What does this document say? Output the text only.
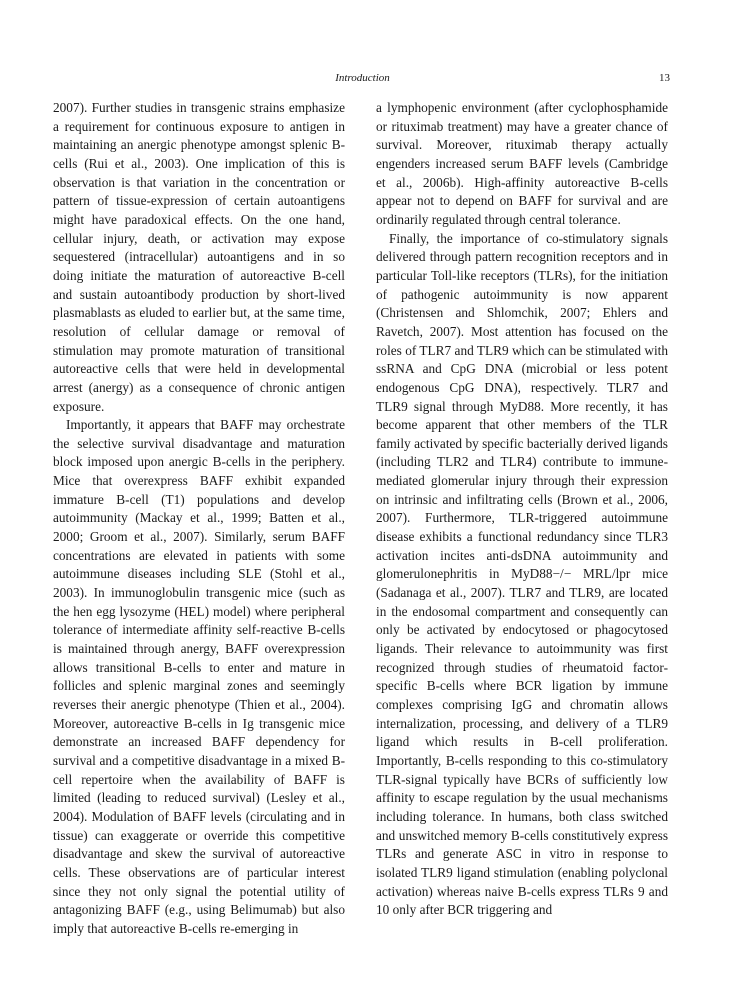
Introduction	13

2007). Further studies in transgenic strains emphasize a requirement for continuous exposure to antigen in maintaining an anergic phenotype amongst splenic B-cells (Rui et al., 2003). One implication of this is observation is that variation in the concentration or pattern of tissue-expression of certain autoantigens might have paradoxical effects. On the one hand, cellular injury, death, or activation may expose sequestered (intracellular) autoantigens and in so doing initiate the maturation of autoreactive B-cell and sustain autoantibody production by short-lived plasmablasts as eluded to earlier but, at the same time, resolution of cellular damage or removal of stimulation may promote maturation of transitional autoreactive cells that were held in developmental arrest (anergy) as a consequence of chronic antigen exposure.

Importantly, it appears that BAFF may orchestrate the selective survival disadvantage and maturation block imposed upon anergic B-cells in the periphery. Mice that overexpress BAFF exhibit expanded immature B-cell (T1) populations and develop autoimmunity (Mackay et al., 1999; Batten et al., 2000; Groom et al., 2007). Similarly, serum BAFF concentrations are elevated in patients with some autoimmune diseases including SLE (Stohl et al., 2003). In immunoglobulin transgenic mice (such as the hen egg lysozyme (HEL) model) where peripheral tolerance of intermediate affinity self-reactive B-cells is maintained through anergy, BAFF overexpression allows transitional B-cells to enter and mature in follicles and splenic marginal zones and seemingly reverses their anergic phenotype (Thien et al., 2004). Moreover, autoreactive B-cells in Ig transgenic mice demonstrate an increased BAFF dependency for survival and a competitive disadvantage in a mixed B-cell repertoire when the availability of BAFF is limited (leading to reduced survival) (Lesley et al., 2004). Modulation of BAFF levels (circulating and in tissue) can exaggerate or override this competitive disadvantage and skew the survival of autoreactive cells. These observations are of particular interest since they not only signal the potential utility of antagonizing BAFF (e.g., using Belimumab) but also imply that autoreactive B-cells re-emerging in

a lymphopenic environment (after cyclophosphamide or rituximab treatment) may have a greater chance of survival. Moreover, rituximab therapy actually engenders increased serum BAFF levels (Cambridge et al., 2006b). High-affinity autoreactive B-cells appear not to depend on BAFF for survival and are ordinarily regulated through central tolerance.

Finally, the importance of co-stimulatory signals delivered through pattern recognition receptors and in particular Toll-like receptors (TLRs), for the initiation of pathogenic autoimmunity is now apparent (Christensen and Shlomchik, 2007; Ehlers and Ravetch, 2007). Most attention has focused on the roles of TLR7 and TLR9 which can be stimulated with ssRNA and CpG DNA (microbial or less potent endogenous CpG DNA), respectively. TLR7 and TLR9 signal through MyD88. More recently, it has become apparent that other members of the TLR family activated by specific bacterially derived ligands (including TLR2 and TLR4) contribute to immune-mediated glomerular injury through their expression on intrinsic and infiltrating cells (Brown et al., 2006, 2007). Furthermore, TLR-triggered autoimmune disease exhibits a functional redundancy since TLR3 activation incites anti-dsDNA autoimmunity and glomerulonephritis in MyD88−/− MRL/lpr mice (Sadanaga et al., 2007). TLR7 and TLR9, are located in the endosomal compartment and consequently can only be activated by endocytosed or phagocytosed ligands. Their relevance to autoimmunity was first recognized through studies of rheumatoid factor-specific B-cells where BCR ligation by immune complexes comprising IgG and chromatin allows internalization, processing, and delivery of a TLR9 ligand which results in B-cell proliferation. Importantly, B-cells responding to this co-stimulatory TLR-signal typically have BCRs of sufficiently low affinity to escape regulation by the usual mechanisms including tolerance. In humans, both class switched and unswitched memory B-cells constitutively express TLRs and generate ASC in vitro in response to isolated TLR9 ligand stimulation (enabling polyclonal activation) whereas naive B-cells express TLRs 9 and 10 only after BCR triggering and
